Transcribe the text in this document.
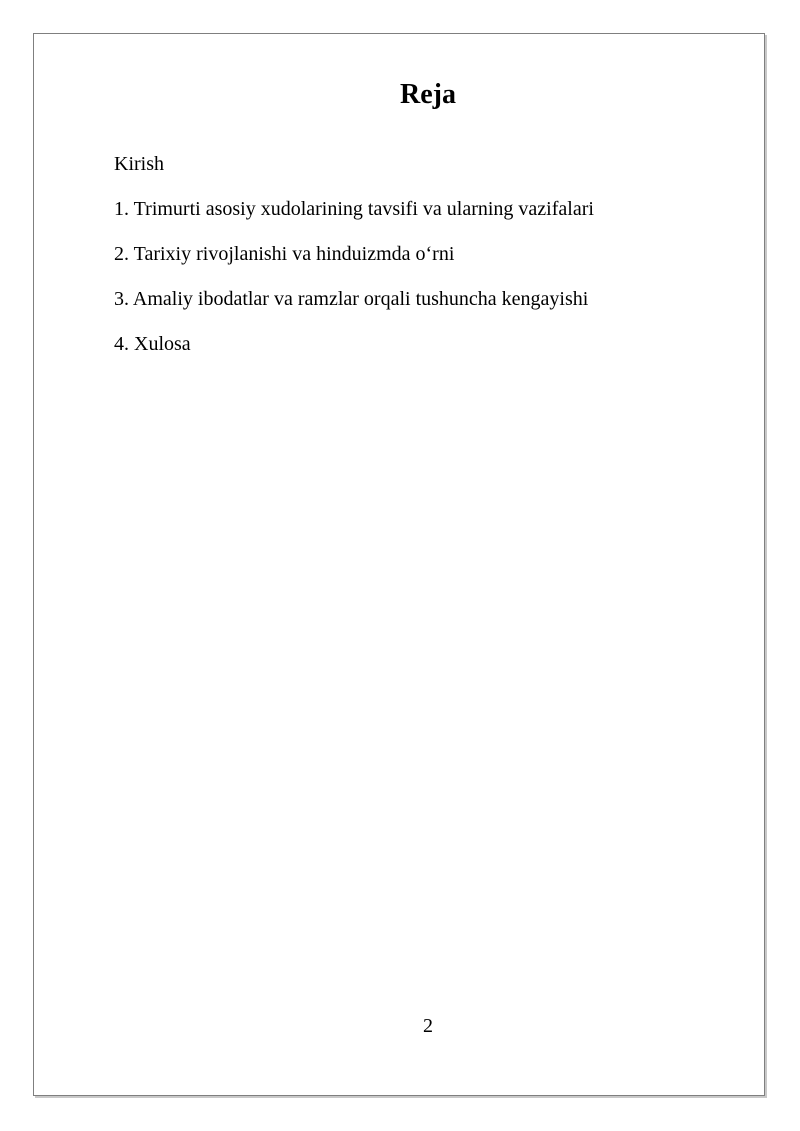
Reja
Kirish
1. Trimurti asosiy xudolarining tavsifi va ularning vazifalari
2. Tarixiy rivojlanishi va hinduizmda o‘rni
3. Amaliy ibodatlar va ramzlar orqali tushuncha kengayishi
4. Xulosa
2
